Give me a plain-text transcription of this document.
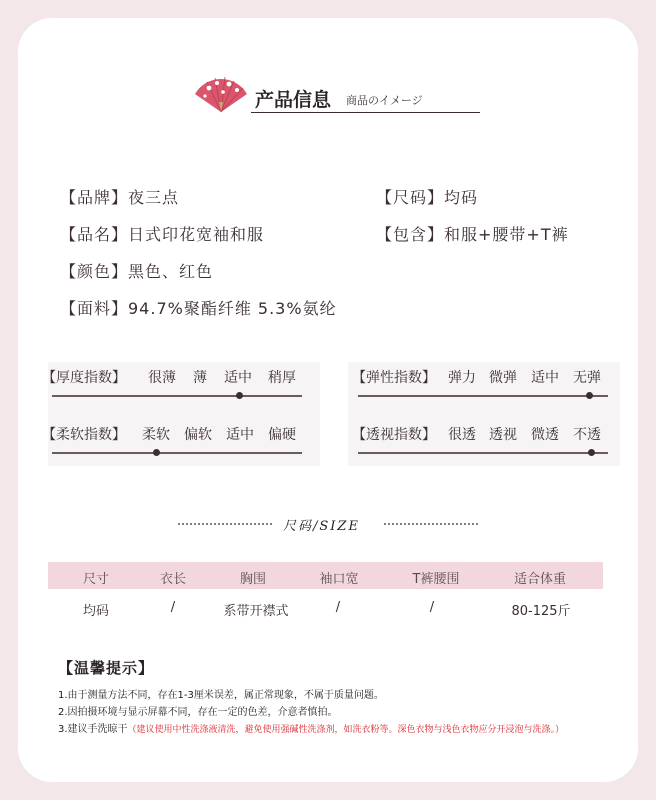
产品信息 商品のイメージ
【品牌】夜三点	【尺码】均码
【品名】日式印花宽袖和服	【包含】和服+腰带+T裤
【颜色】黑色、红色
【面料】94.7%聚酯纤维 5.3%氨纶
【厚度指数】 很薄 薄 适中 稍厚	【弹性指数】 弹力 微弹 适中 无弹
【柔软指数】 柔软 偏软 适中 偏硬	【透视指数】 很透 透视 微透 不透
尺码/SIZE
尺寸	衣长	胸围	袖口宽	T裤腰围	适合体重
均码	/	系带开襟式	/	/	80-125斤
【温馨提示】
1.由于测量方法不同，存在1-3厘米误差，属正常现象，不属于质量问题。
2.因拍摄环境与显示屏幕不同，存在一定的色差，介意者慎拍。
3.建议手洗晾干（建议使用中性洗涤液清洗，避免使用强碱性洗涤剂，如洗衣粉等。深色衣物与浅色衣物应分开浸泡与洗涤。）
